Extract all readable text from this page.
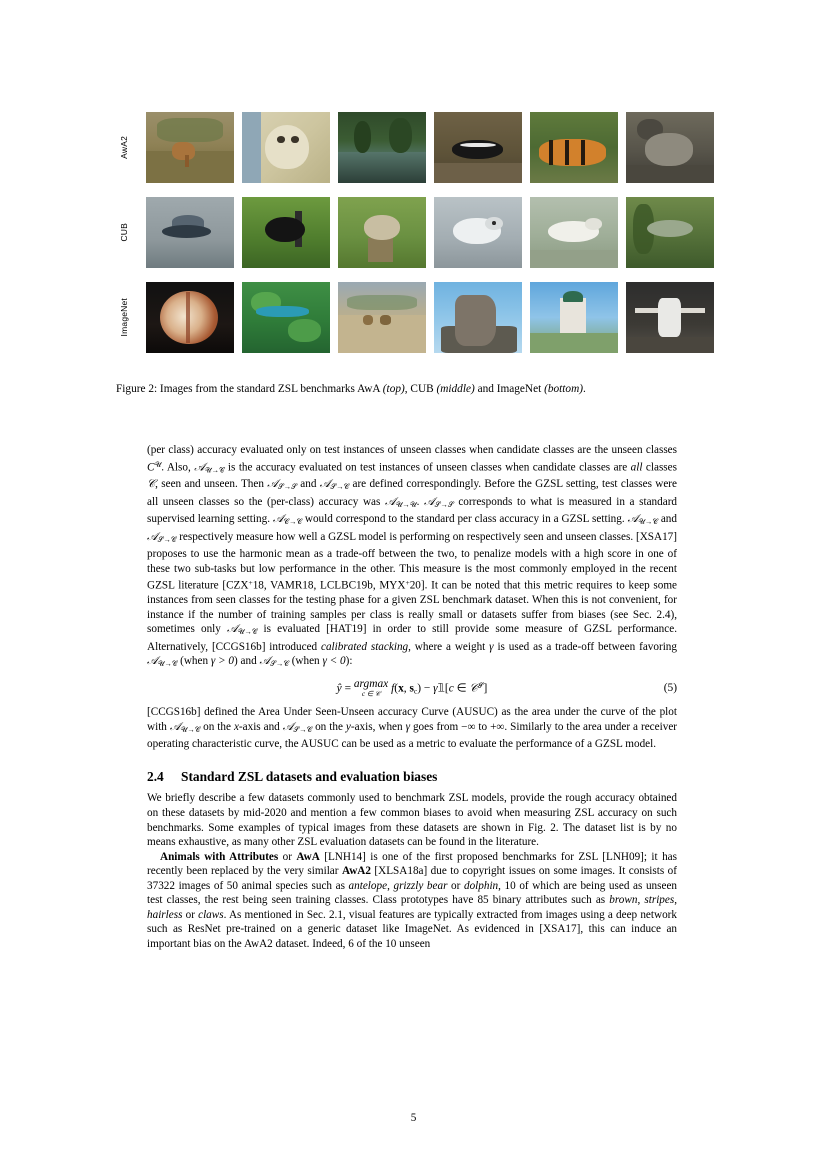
AwA2
CUB
ImageNet
Figure 2: Images from the standard ZSL benchmarks AwA (top), CUB (middle) and ImageNet (bottom).

(per class) accuracy evaluated only on test instances of unseen classes when candidate classes are the unseen classes $C^𝒰$. Also, 𝒜$_{𝒰\to 𝒞}$ is the accuracy evaluated on test instances of unseen classes when candidate classes are all classes 𝒞, seen and unseen. Then 𝒜$_{𝒮\to 𝒮}$ and 𝒜$_{𝒮\to 𝒞}$ are defined correspondingly. Before the GZSL setting, test classes were all unseen classes so the (per-class) accuracy was 𝒜$_{𝒰\to 𝒰}$. 𝒜$_{𝒮\to 𝒮}$ corresponds to what is measured in a standard supervised learning setting. 𝒜$_{𝒞\to 𝒞}$ would correspond to the standard per class accuracy in a GZSL setting. 𝒜$_{𝒰\to 𝒞}$ and 𝒜$_{𝒮\to 𝒞}$ respectively measure how well a GZSL model is performing on respectively seen and unseen classes. [XSA17] proposes to use the harmonic mean as a trade-off between the two, to penalize models with a high score in one of these two sub-tasks but low performance in the other. This measure is the most commonly employed in the recent GZSL literature [CZX+18, VAMR18, LCLBC19b, MYX+20]. It can be noted that this metric requires to keep some instances from seen classes for the testing phase for a given ZSL benchmark dataset. When this is not convenient, for instance if the number of training samples per class is really small or datasets suffer from biases (see Sec. 2.4), sometimes only 𝒜$_{𝒰\to 𝒞}$ is evaluated [HAT19] in order to still provide some measure of GZSL performance. Alternatively, [CCGS16b] introduced calibrated stacking, where a weight γ is used as a trade-off between favoring 𝒜$_{𝒰\to 𝒞}$ (when γ > 0) and 𝒜$_{𝒮\to 𝒞}$ (when γ < 0):

ŷ = argmax
c ∈ 𝒞 f(x, $s_c$) − γ𝟙[c ∈ 𝒞$^𝒮$]	(5)

[CCGS16b] defined the Area Under Seen-Unseen accuracy Curve (AUSUC) as the area under the curve of the plot with 𝒜$_{𝒰\to 𝒞}$ on the x-axis and 𝒜$_{𝒮\to 𝒞}$ on the y-axis, when γ goes from −∞ to +∞. Similarly to the area under a receiver operating characteristic curve, the AUSUC can be used as a metric to evaluate the performance of a GZSL model.

2.4 Standard ZSL datasets and evaluation biases

We briefly describe a few datasets commonly used to benchmark ZSL models, provide the rough accuracy obtained on these datasets by mid-2020 and mention a few common biases to avoid when measuring ZSL accuracy on such benchmarks. Some examples of typical images from these datasets are shown in Fig. 2. The dataset list is by no means exhaustive, as many other ZSL evaluation datasets can be found in the literature.

Animals with Attributes or AwA [LNH14] is one of the first proposed benchmarks for ZSL [LNH09]; it has recently been replaced by the very similar AwA2 [XLSA18a] due to copyright issues on some images. It consists of 37322 images of 50 animal species such as antelope, grizzly bear or dolphin, 10 of which are being used as unseen test classes, the rest being seen training classes. Class prototypes have 85 binary attributes such as brown, stripes, hairless or claws. As mentioned in Sec. 2.1, visual features are typically extracted from images using a deep network such as ResNet pre-trained on a generic dataset like ImageNet. As evidenced in [XSA17], this can induce an important bias on the AwA2 dataset. Indeed, 6 of the 10 unseen

5
